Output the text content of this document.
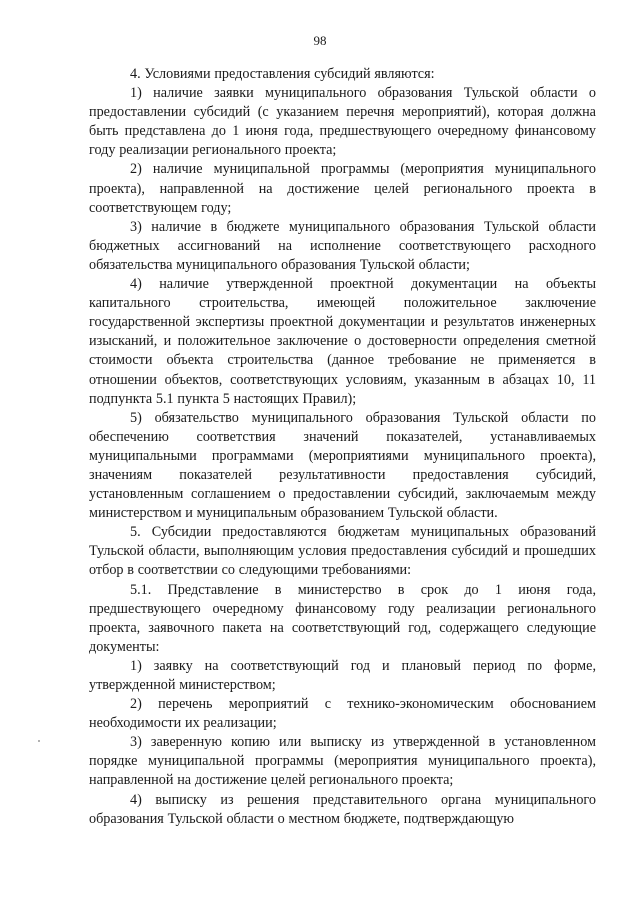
98

4. Условиями предоставления субсидий являются:

1) наличие заявки муниципального образования Тульской области о предоставлении субсидий (с указанием перечня мероприятий), которая должна быть представлена до 1 июня года, предшествующего очередному финансовому году реализации регионального проекта;

2) наличие муниципальной программы (мероприятия муниципального проекта), направленной на достижение целей регионального проекта в соответствующем году;

3) наличие в бюджете муниципального образования Тульской области бюджетных ассигнований на исполнение соответствующего расходного обязательства муниципального образования Тульской области;

4) наличие утвержденной проектной документации на объекты капитального строительства, имеющей положительное заключение государственной экспертизы проектной документации и результатов инженерных изысканий, и положительное заключение о достоверности определения сметной стоимости объекта строительства (данное требование не применяется в отношении объектов, соответствующих условиям, указанным в абзацах 10, 11 подпункта 5.1 пункта 5 настоящих Правил);

5) обязательство муниципального образования Тульской области по обеспечению соответствия значений показателей, устанавливаемых муниципальными программами (мероприятиями муниципального проекта), значениям показателей результативности предоставления субсидий, установленным соглашением о предоставлении субсидий, заключаемым между министерством и муниципальным образованием Тульской области.

5. Субсидии предоставляются бюджетам муниципальных образований Тульской области, выполняющим условия предоставления субсидий и прошедших отбор в соответствии со следующими требованиями:

5.1. Представление в министерство в срок до 1 июня года, предшествующего очередному финансовому году реализации регионального проекта, заявочного пакета на соответствующий год, содержащего следующие документы:

1) заявку на соответствующий год и плановый период по форме, утвержденной министерством;

2) перечень мероприятий с технико-экономическим обоснованием необходимости их реализации;

3) заверенную копию или выписку из утвержденной в установленном порядке муниципальной программы (мероприятия муниципального проекта), направленной на достижение целей регионального проекта;

4) выписку из решения представительного органа муниципального образования Тульской области о местном бюджете, подтверждающую
